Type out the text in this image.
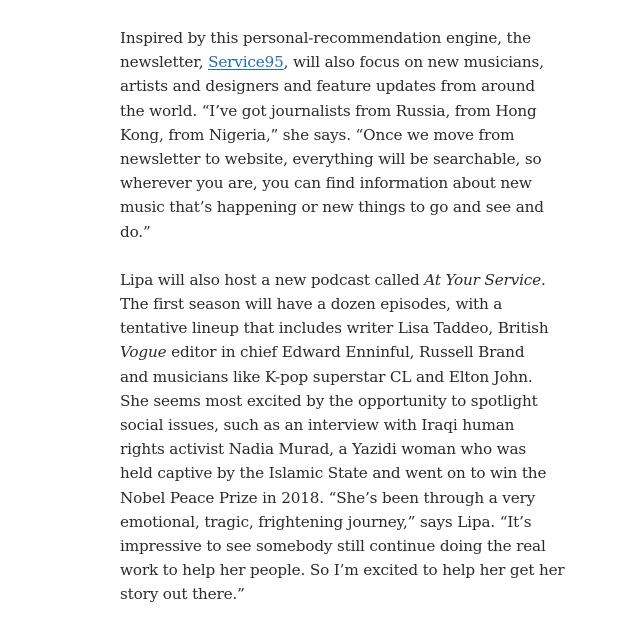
Inspired by this personal-recommendation engine, the
newsletter, Service95, will also focus on new musicians,
artists and designers and feature updates from around
the world. “I’ve got journalists from Russia, from Hong
Kong, from Nigeria,” she says. “Once we move from
newsletter to website, everything will be searchable, so
wherever you are, you can find information about new
music that’s happening or new things to go and see and
do.”

Lipa will also host a new podcast called At Your Service.
The first season will have a dozen episodes, with a
tentative lineup that includes writer Lisa Taddeo, British
Vogue editor in chief Edward Enninful, Russell Brand
and musicians like K-pop superstar CL and Elton John.
She seems most excited by the opportunity to spotlight
social issues, such as an interview with Iraqi human
rights activist Nadia Murad, a Yazidi woman who was
held captive by the Islamic State and went on to win the
Nobel Peace Prize in 2018. “She’s been through a very
emotional, tragic, frightening journey,” says Lipa. “It’s
impressive to see somebody still continue doing the real
work to help her people. So I’m excited to help her get her
story out there.”
